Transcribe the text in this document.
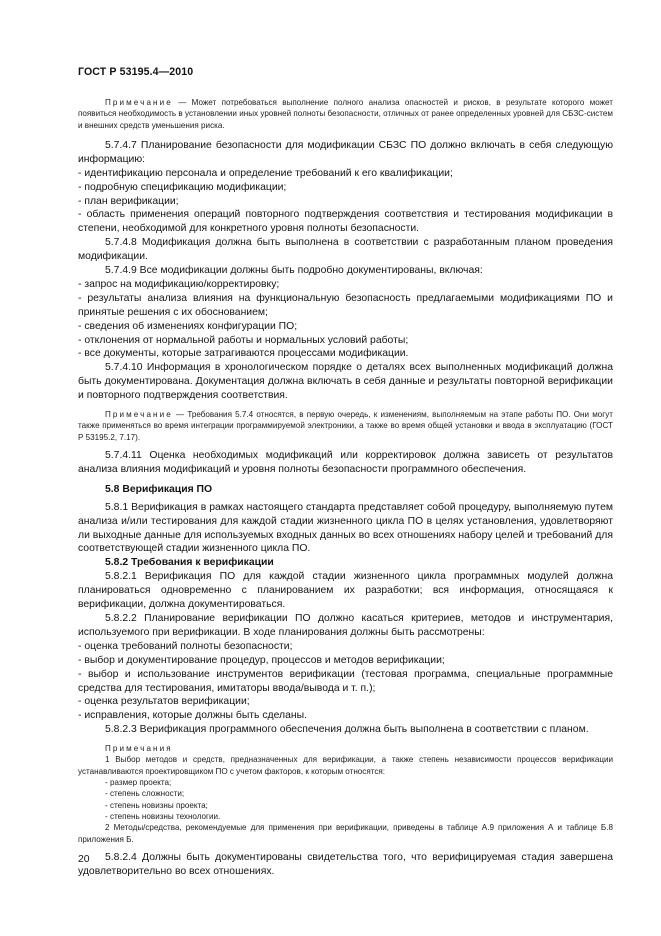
ГОСТ Р 53195.4—2010

Примечание — Может потребоваться выполнение полного анализа опасностей и рисков, в результате которого может появиться необходимость в установлении иных уровней полноты безопасности, отличных от ранее определенных уровней для СБЗС-систем и внешних средств уменьшения риска.

5.7.4.7 Планирование безопасности для модификации СБЗС ПО должно включать в себя следующую информацию:

- идентификацию персонала и определение требований к его квалификации;

- подробную спецификацию модификации;

- план верификации;

- область применения операций повторного подтверждения соответствия и тестирования модификации в степени, необходимой для конкретного уровня полноты безопасности.

5.7.4.8 Модификация должна быть выполнена в соответствии с разработанным планом проведения модификации.

5.7.4.9 Все модификации должны быть подробно документированы, включая:

- запрос на модификацию/корректировку;

- результаты анализа влияния на функциональную безопасность предлагаемыми модификациями ПО и принятые решения с их обоснованием;

- сведения об изменениях конфигурации ПО;

- отклонения от нормальной работы и нормальных условий работы;

- все документы, которые затрагиваются процессами модификации.

5.7.4.10 Информация в хронологическом порядке о деталях всех выполненных модификаций должна быть документирована. Документация должна включать в себя данные и результаты повторной верификации и повторного подтверждения соответствия.

Примечание — Требования 5.7.4 относятся, в первую очередь, к изменениям, выполняемым на этапе работы ПО. Они могут также применяться во время интеграции программируемой электроники, а также во время общей установки и ввода в эксплуатацию (ГОСТ Р 53195.2, 7.17).

5.7.4.11 Оценка необходимых модификаций или корректировок должна зависеть от результатов анализа влияния модификаций и уровня полноты безопасности программного обеспечения.

5.8 Верификация ПО

5.8.1 Верификация в рамках настоящего стандарта представляет собой процедуру, выполняемую путем анализа и/или тестирования для каждой стадии жизненного цикла ПО в целях установления, удовлетворяют ли выходные данные для используемых входных данных во всех отношениях набору целей и требований для соответствующей стадии жизненного цикла ПО.

5.8.2 Требования к верификации

5.8.2.1 Верификация ПО для каждой стадии жизненного цикла программных модулей должна планироваться одновременно с планированием их разработки; вся информация, относящаяся к верификации, должна документироваться.

5.8.2.2 Планирование верификации ПО должно касаться критериев, методов и инструментария, используемого при верификации. В ходе планирования должны быть рассмотрены:

- оценка требований полноты безопасности;

- выбор и документирование процедур, процессов и методов верификации;

- выбор и использование инструментов верификации (тестовая программа, специальные программные средства для тестирования, имитаторы ввода/вывода и т. п.);

- оценка результатов верификации;

- исправления, которые должны быть сделаны.

5.8.2.3 Верификация программного обеспечения должна быть выполнена в соответствии с планом.

Примечания

1 Выбор методов и средств, предназначенных для верификации, а также степень независимости процессов верификации устанавливаются проектировщиком ПО с учетом факторов, к которым относятся:

- размер проекта;

- степень сложности;

- степень новизны проекта;

- степень новизны технологии.

2 Методы/средства, рекомендуемые для применения при верификации, приведены в таблице А.9 приложения А и таблице Б.8 приложения Б.

5.8.2.4 Должны быть документированы свидетельства того, что верифицируемая стадия завершена удовлетворительно во всех отношениях.

20
